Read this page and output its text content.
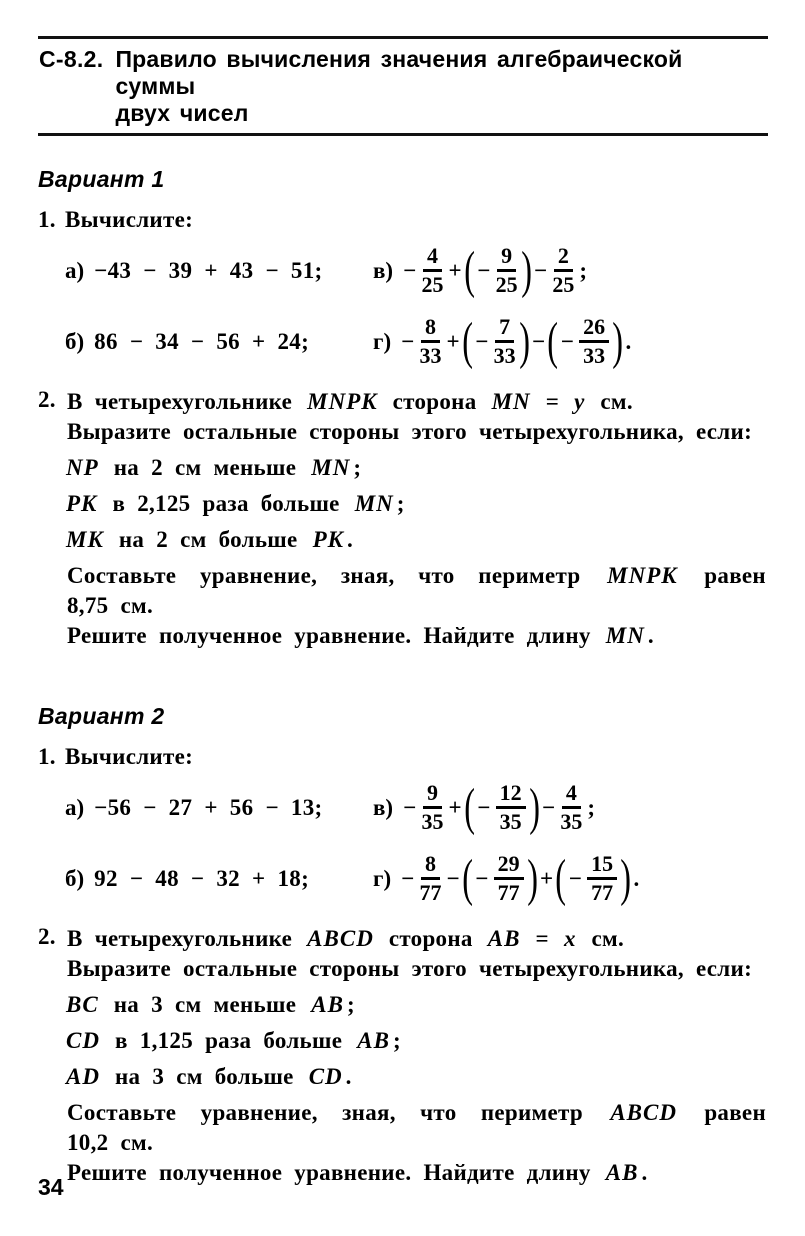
С-8.2. Правило вычисления значения алгебраической суммы
двух чисел
Вариант 1
1. Вычислите:
а) −43 − 39 + 43 − 51; $в) - \frac{4}{25}$ + ( − $\frac{9}{25}$ ) − $\frac{2}{25}$ ;
б) 86 − 34 − 56 + 24;	$г) - \frac{8}{33}$ + ( − $\frac{7}{33}$ ) − ( − $\frac{26}{33}$ ) .
2. В четырехугольнике MNPK сторона MN = y см.
Выразите остальные стороны этого четырехугольника, если:
NP на 2 см меньше MN ;
PK в 2,125 раза больше MN ;
MK на 2 см больше PK .
Составьте уравнение, зная, что периметр MNPK равен
8,75 см.
Решите полученное уравнение. Найдите длину MN .
Вариант 2
1. Вычислите:
а) −56 − 27 + 56 − 13; $в) - \frac{9}{35}$ + ( − $\frac{12}{35}$ ) − $\frac{4}{35}$ ;
б) 92 − 48 − 32 + 18;	$г) - \frac{8}{77}$ − ( − $\frac{29}{77}$ ) + ( − $\frac{15}{77}$ ) .
2. В четырехугольнике ABCD сторона AB = x см.
Выразите остальные стороны этого четырехугольника, если:
BC на 3 см меньше AB ;
CD в 1,125 раза больше AB ;
AD на 3 см больше CD .
Составьте уравнение, зная, что периметр ABCD равен
10,2 см.
Решите полученное уравнение. Найдите длину AB .
34
